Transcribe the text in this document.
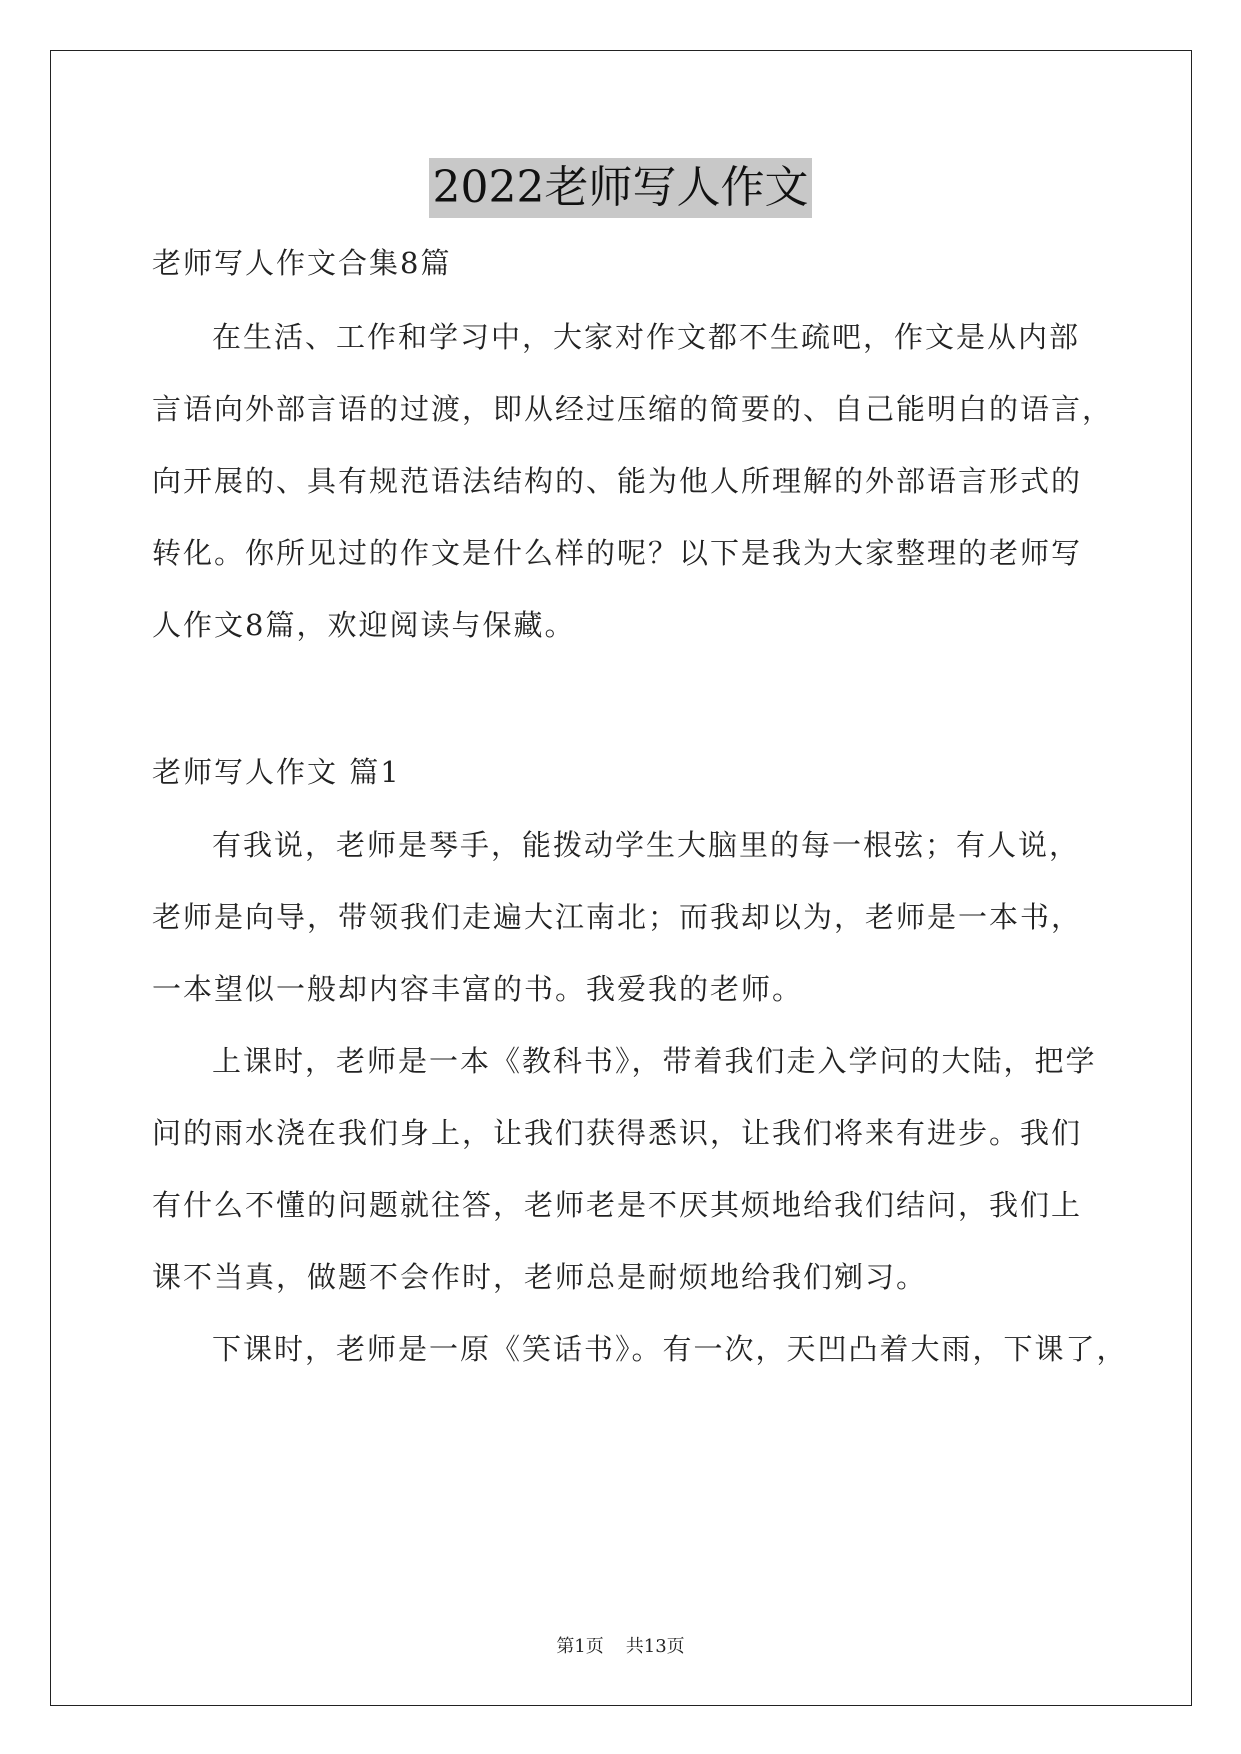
2022老师写人作文
老师写人作文合集8篇
在生活、工作和学习中，大家对作文都不生疏吧，作文是从内部
言语向外部言语的过渡，即从经过压缩的简要的、自己能明白的语言，
向开展的、具有规范语法结构的、能为他人所理解的外部语言形式的
转化。你所见过的作文是什么样的呢？以下是我为大家整理的老师写
人作文8篇，欢迎阅读与保藏。
老师写人作文 篇1
有我说，老师是琴手，能拨动学生大脑里的每一根弦；有人说，
老师是向导，带领我们走遍大江南北；而我却以为，老师是一本书，
一本望似一般却内容丰富的书。我爱我的老师。
上课时，老师是一本《教科书》，带着我们走入学问的大陆，把学
问的雨水浇在我们身上，让我们获得悉识，让我们将来有进步。我们
有什么不懂的问题就往答，老师老是不厌其烦地给我们结问，我们上
课不当真，做题不会作时，老师总是耐烦地给我们剜习。
下课时，老师是一原《笑话书》。有一次，天凹凸着大雨，下课了，
第1页 共13页
